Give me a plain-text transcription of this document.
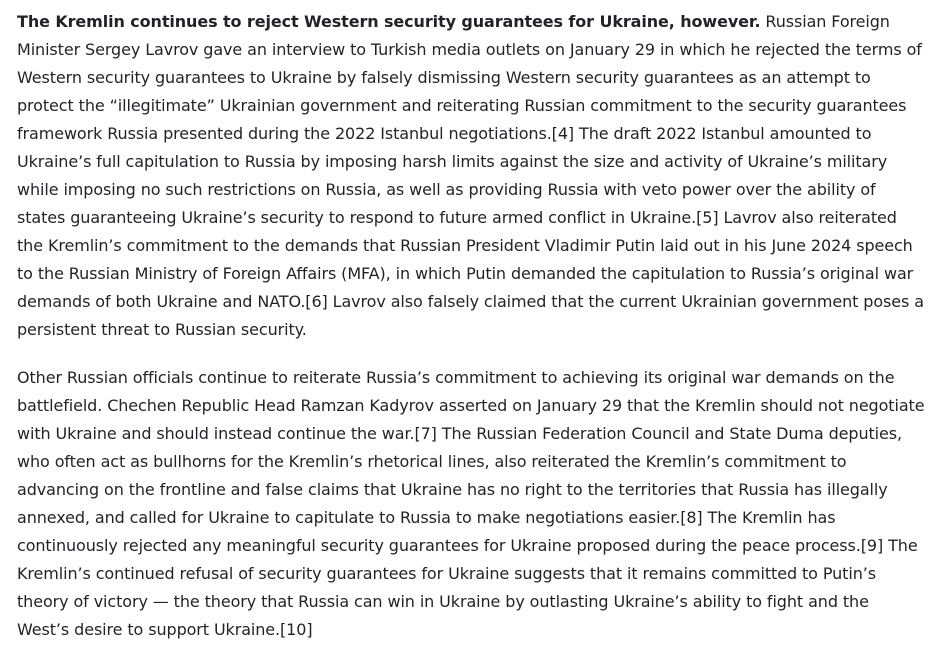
The Kremlin continues to reject Western security guarantees for Ukraine, however. Russian Foreign Minister Sergey Lavrov gave an interview to Turkish media outlets on January 29 in which he rejected the terms of Western security guarantees to Ukraine by falsely dismissing Western security guarantees as an attempt to protect the “illegitimate” Ukrainian government and reiterating Russian commitment to the security guarantees framework Russia presented during the 2022 Istanbul negotiations.[4] The draft 2022 Istanbul amounted to Ukraine’s full capitulation to Russia by imposing harsh limits against the size and activity of Ukraine’s military while imposing no such restrictions on Russia, as well as providing Russia with veto power over the ability of states guaranteeing Ukraine’s security to respond to future armed conflict in Ukraine.[5] Lavrov also reiterated the Kremlin’s commitment to the demands that Russian President Vladimir Putin laid out in his June 2024 speech to the Russian Ministry of Foreign Affairs (MFA), in which Putin demanded the capitulation to Russia’s original war demands of both Ukraine and NATO.[6] Lavrov also falsely claimed that the current Ukrainian government poses a persistent threat to Russian security.

Other Russian officials continue to reiterate Russia’s commitment to achieving its original war demands on the battlefield. Chechen Republic Head Ramzan Kadyrov asserted on January 29 that the Kremlin should not negotiate with Ukraine and should instead continue the war.[7] The Russian Federation Council and State Duma deputies, who often act as bullhorns for the Kremlin’s rhetorical lines, also reiterated the Kremlin’s commitment to advancing on the frontline and false claims that Ukraine has no right to the territories that Russia has illegally annexed, and called for Ukraine to capitulate to Russia to make negotiations easier.[8] The Kremlin has continuously rejected any meaningful security guarantees for Ukraine proposed during the peace process.[9] The Kremlin’s continued refusal of security guarantees for Ukraine suggests that it remains committed to Putin’s theory of victory — the theory that Russia can win in Ukraine by outlasting Ukraine’s ability to fight and the West’s desire to support Ukraine.[10]
